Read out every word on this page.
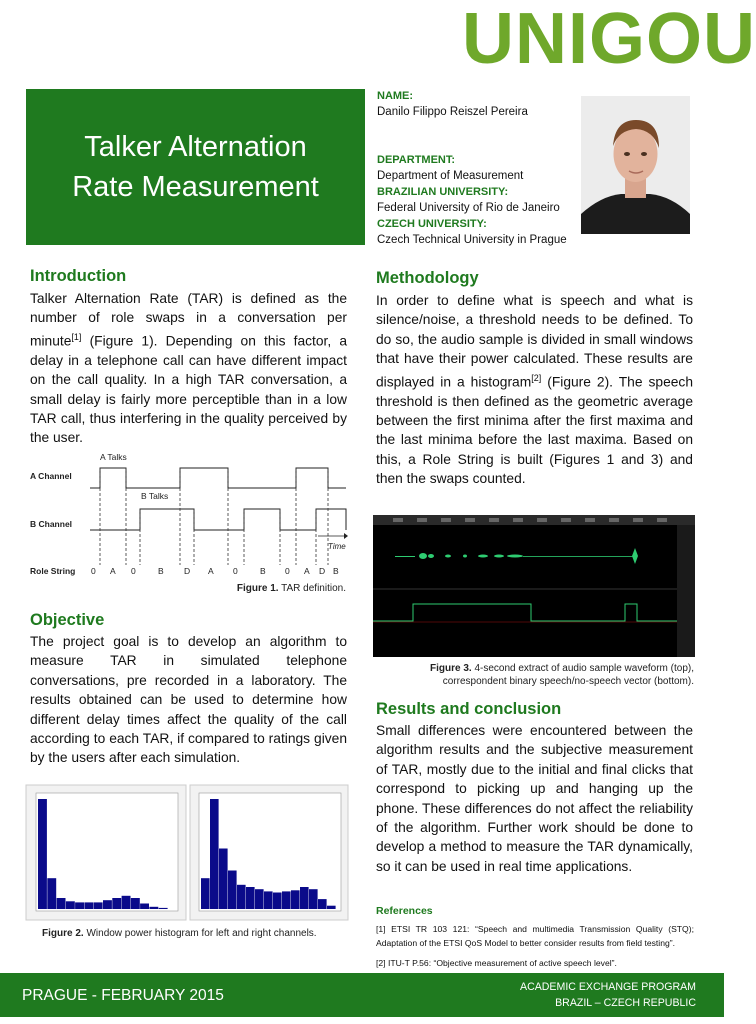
UNIGOU
Talker Alternation
Rate Measurement
NAME:
Danilo Filippo Reiszel Pereira
DEPARTMENT:
Department of Measurement
BRAZILIAN UNIVERSITY:
Federal University of Rio de Janeiro
CZECH UNIVERSITY:
Czech Technical University in Prague
Introduction

Talker Alternation Rate (TAR) is defined as the number of role swaps in a conversation per minute[1] (Figure 1). Depending on this factor, a delay in a telephone call can have different impact on the call quality. In a high TAR conversation, a small delay is fairly more perceptible than in a low TAR call, thus interfering in the quality perceived by the user.

A Talks
B Talks
A Channel
B Channel
Role String
Time
0 A 0	B D A 0	B 0 A D B
Figure 1. TAR definition.
Objective

The project goal is to develop an algorithm to measure TAR in simulated telephone conversations, pre recorded in a laboratory. The results obtained can be used to determine how different delay times affect the quality of the call according to each TAR, if compared to ratings given by the users after each simulation.

Figure 2. Window power histogram for left and right channels.
Methodology

In order to define what is speech and what is silence/noise, a threshold needs to be defined. To do so, the audio sample is divided in small windows that have their power calculated. These results are displayed in a histogram[2] (Figure 2). The speech threshold is then defined as the geometric average between the first minima after the first maxima and the last minima before the last maxima. Based on this, a Role String is built (Figures 1 and 3) and then the swaps counted.

Figure 3. 4-second extract of audio sample waveform (top),
correspondent binary speech/no-speech vector (bottom).
Results and conclusion

Small differences were encountered between the algorithm results and the subjective measurement of TAR, mostly due to the initial and final clicks that correspond to picking up and hanging up the phone. These differences do not affect the reliability of the algorithm. Further work should be done to develop a method to measure the TAR dynamically, so it can be used in real time applications.

References

[1] ETSI TR 103 121: “Speech and multimedia Transmission Quality (STQ); Adaptation of the ETSI QoS Model to better consider results from field testing”.

[2] ITU-T P.56: “Objective measurement of active speech level”.

PRAGUE - FEBRUARY 2015	ACADEMIC EXCHANGE PROGRAM
BRAZIL – CZECH REPUBLIC
